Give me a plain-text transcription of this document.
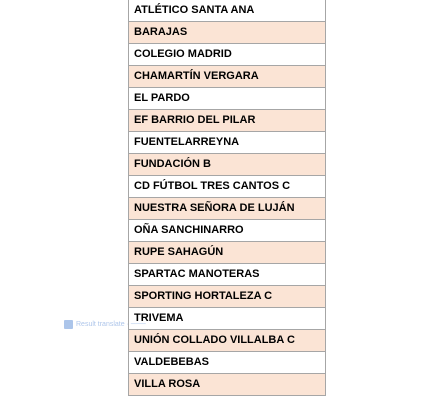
ATLÉTICO SANTA ANA
BARAJAS
COLEGIO MADRID
CHAMARTÍN VERGARA
EL PARDO
EF BARRIO DEL PILAR
FUENTELARREYNA
FUNDACIÓN B
CD FÚTBOL TRES CANTOS C
NUESTRA SEÑORA DE LUJÁN
OÑA SANCHINARRO
RUPE SAHAGÚN
SPARTAC MANOTERAS
SPORTING HORTALEZA C
TRIVEMA
UNIÓN COLLADO VILLALBA C
VALDEBEBAS
VILLA ROSA
Result translate · ───
